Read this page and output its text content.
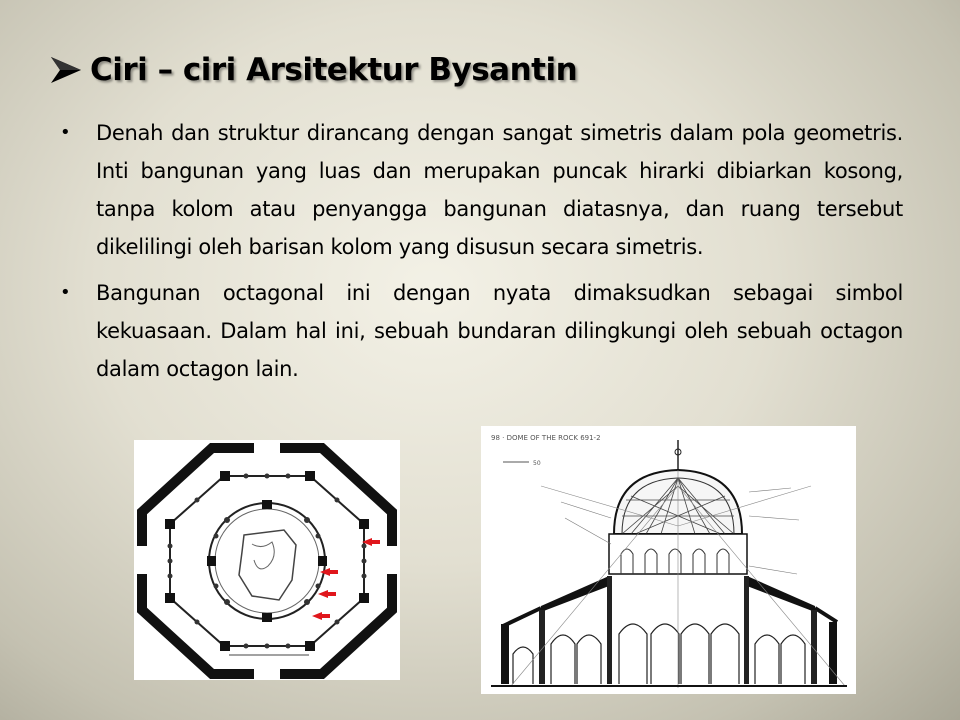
Ciri – ciri Arsitektur Bysantin
• Denah dan struktur dirancang dengan sangat simetris dalam pola geometris. Inti bangunan yang luas dan merupakan puncak hirarki dibiarkan kosong, tanpa kolom atau penyangga bangunan diatasnya, dan ruang tersebut dikelilingi oleh barisan kolom yang disusun secara simetris.
• Bangunan octagonal ini dengan nyata dimaksudkan sebagai simbol kekuasaan. Dalam hal ini, sebuah bundaran dilingkungi oleh sebuah octagon dalam octagon lain.
98 · DOME OF THE ROCK 691-2
50
